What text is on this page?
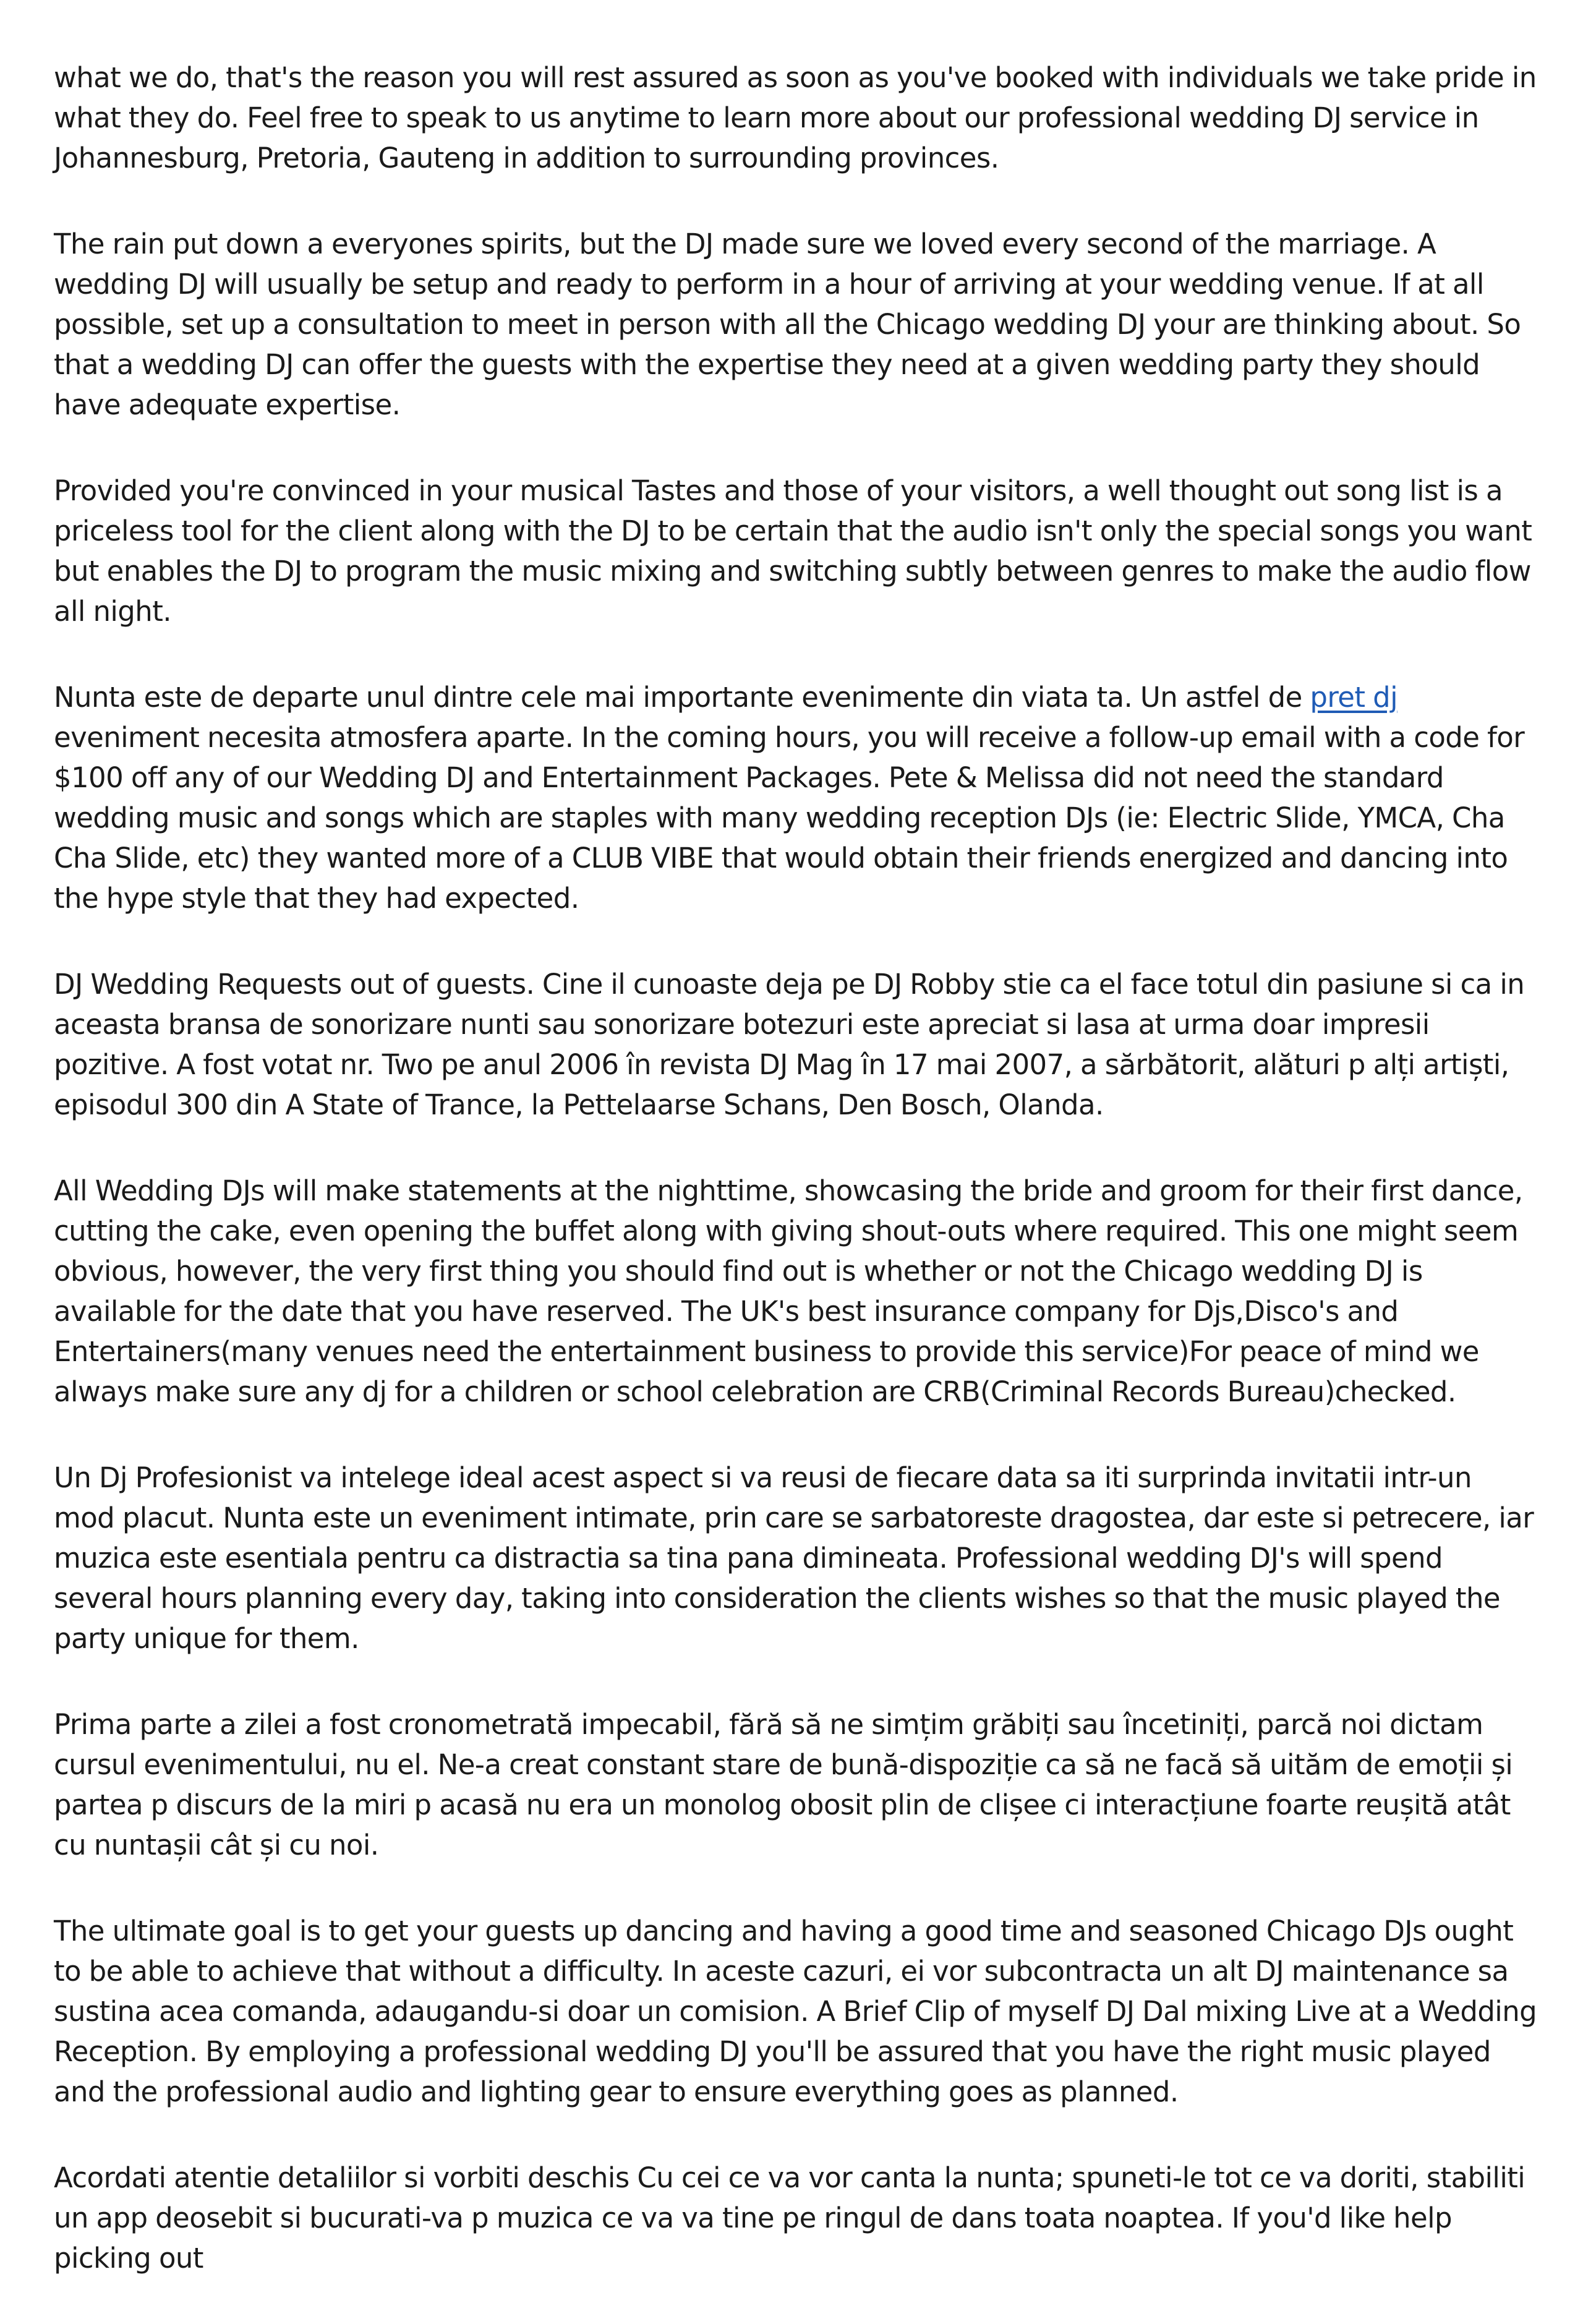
what we do, that's the reason you will rest assured as soon as you've booked with individuals we take pride in what they do. Feel free to speak to us anytime to learn more about our professional wedding DJ service in Johannesburg, Pretoria, Gauteng in addition to surrounding provinces.

The rain put down a everyones spirits, but the DJ made sure we loved every second of the marriage. A wedding DJ will usually be setup and ready to perform in a hour of arriving at your wedding venue. If at all possible, set up a consultation to meet in person with all the Chicago wedding DJ your are thinking about. So that a wedding DJ can offer the guests with the expertise they need at a given wedding party they should have adequate expertise.

Provided you're convinced in your musical Tastes and those of your visitors, a well thought out song list is a priceless tool for the client along with the DJ to be certain that the audio isn't only the special songs you want but enables the DJ to program the music mixing and switching subtly between genres to make the audio flow all night.

Nunta este de departe unul dintre cele mai importante evenimente din viata ta. Un astfel de pret dj eveniment necesita atmosfera aparte. In the coming hours, you will receive a follow-up email with a code for $100 off any of our Wedding DJ and Entertainment Packages. Pete & Melissa did not need the standard wedding music and songs which are staples with many wedding reception DJs (ie: Electric Slide, YMCA, Cha Cha Slide, etc) they wanted more of a CLUB VIBE that would obtain their friends energized and dancing into the hype style that they had expected.

DJ Wedding Requests out of guests. Cine il cunoaste deja pe DJ Robby stie ca el face totul din pasiune si ca in aceasta bransa de sonorizare nunti sau sonorizare botezuri este apreciat si lasa at urma doar impresii pozitive. A fost votat nr. Two pe anul 2006 în revista DJ Mag în 17 mai 2007, a sărbătorit, alături p alți artiști, episodul 300 din A State of Trance, la Pettelaarse Schans, Den Bosch, Olanda.

All Wedding DJs will make statements at the nighttime, showcasing the bride and groom for their first dance, cutting the cake, even opening the buffet along with giving shout-outs where required. This one might seem obvious, however, the very first thing you should find out is whether or not the Chicago wedding DJ is available for the date that you have reserved. The UK's best insurance company for Djs,Disco's and Entertainers(many venues need the entertainment business to provide this service)For peace of mind we always make sure any dj for a children or school celebration are CRB(Criminal Records Bureau)checked.

Un Dj Profesionist va intelege ideal acest aspect si va reusi de fiecare data sa iti surprinda invitatii intr-un mod placut. Nunta este un eveniment intimate, prin care se sarbatoreste dragostea, dar este si petrecere, iar muzica este esentiala pentru ca distractia sa tina pana dimineata. Professional wedding DJ's will spend several hours planning every day, taking into consideration the clients wishes so that the music played the party unique for them.

Prima parte a zilei a fost cronometrată impecabil, fără să ne simțim grăbiți sau încetiniți, parcă noi dictam cursul evenimentului, nu el. Ne-a creat constant stare de bună-dispoziție ca să ne facă să uităm de emoții și partea p discurs de la miri p acasă nu era un monolog obosit plin de clișee ci interacțiune foarte reușită atât cu nuntașii cât și cu noi.

The ultimate goal is to get your guests up dancing and having a good time and seasoned Chicago DJs ought to be able to achieve that without a difficulty. In aceste cazuri, ei vor subcontracta un alt DJ maintenance sa sustina acea comanda, adaugandu-si doar un comision. A Brief Clip of myself DJ Dal mixing Live at a Wedding Reception. By employing a professional wedding DJ you'll be assured that you have the right music played and the professional audio and lighting gear to ensure everything goes as planned.

Acordati atentie detaliilor si vorbiti deschis Cu cei ce va vor canta la nunta; spuneti-le tot ce va doriti, stabiliti un app deosebit si bucurati-va p muzica ce va va tine pe ringul de dans toata noaptea. If you'd like help picking out
